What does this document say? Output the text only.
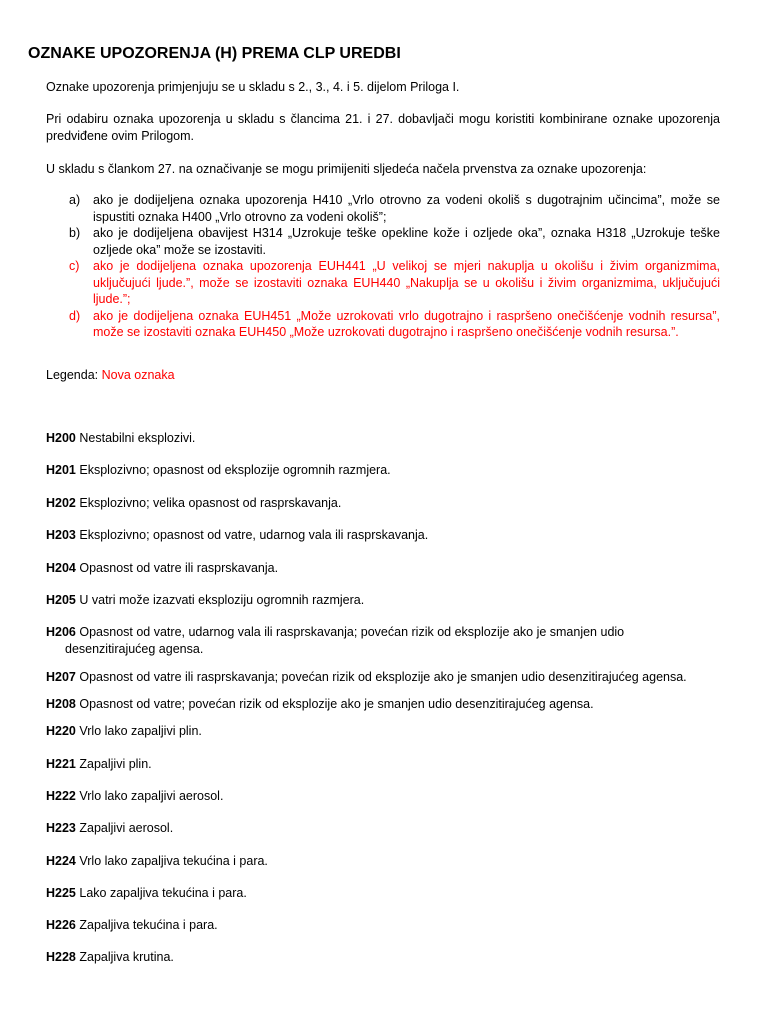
OZNAKE UPOZORENJA (H) PREMA CLP UREDBI

Oznake upozorenja primjenjuju se u skladu s 2., 3., 4. i 5. dijelom Priloga I.

Pri odabiru oznaka upozorenja u skladu s člancima 21. i 27. dobavljači mogu koristiti kombinirane oznake upozorenja predviđene ovim Prilogom.

U skladu s člankom 27. na označivanje se mogu primijeniti sljedeća načela prvenstva za oznake upozorenja:

a)	ako je dodijeljena oznaka upozorenja H410 „Vrlo otrovno za vodeni okoliš s dugotrajnim učincima”, može se ispustiti oznaka H400 „Vrlo otrovno za vodeni okoliš”;
b)	ako je dodijeljena obavijest H314 „Uzrokuje teške opekline kože i ozljede oka”, oznaka H318 „Uzrokuje teške ozljede oka” može se izostaviti.
c)	ako je dodijeljena oznaka upozorenja EUH441 „U velikoj se mjeri nakuplja u okolišu i živim organizmima, uključujući ljude.”, može se izostaviti oznaka EUH440 „Nakuplja se u okolišu i živim organizmima, uključujući ljude.”;
d)	ako je dodijeljena oznaka EUH451 „Može uzrokovati vrlo dugotrajno i raspršeno onečišćenje vodnih resursa”, može se izostaviti oznaka EUH450 „Može uzrokovati dugotrajno i raspršeno onečišćenje vodnih resursa.”.

Legenda: Nova oznaka

H200 Nestabilni eksplozivi.

H201 Eksplozivno; opasnost od eksplozije ogromnih razmjera.

H202 Eksplozivno; velika opasnost od rasprskavanja.

H203 Eksplozivno; opasnost od vatre, udarnog vala ili rasprskavanja.

H204 Opasnost od vatre ili rasprskavanja.

H205 U vatri može izazvati eksploziju ogromnih razmjera.

H206 Opasnost od vatre, udarnog vala ili rasprskavanja; povećan rizik od eksplozije ako je smanjen udio
desenzitirajućeg agensa.

H207 Opasnost od vatre ili rasprskavanja; povećan rizik od eksplozije ako je smanjen udio desenzitirajućeg agensa.

H208 Opasnost od vatre; povećan rizik od eksplozije ako je smanjen udio desenzitirajućeg agensa.

H220 Vrlo lako zapaljivi plin.

H221 Zapaljivi plin.

H222 Vrlo lako zapaljivi aerosol.

H223 Zapaljivi aerosol.

H224 Vrlo lako zapaljiva tekućina i para.

H225 Lako zapaljiva tekućina i para.

H226 Zapaljiva tekućina i para.

H228 Zapaljiva krutina.
